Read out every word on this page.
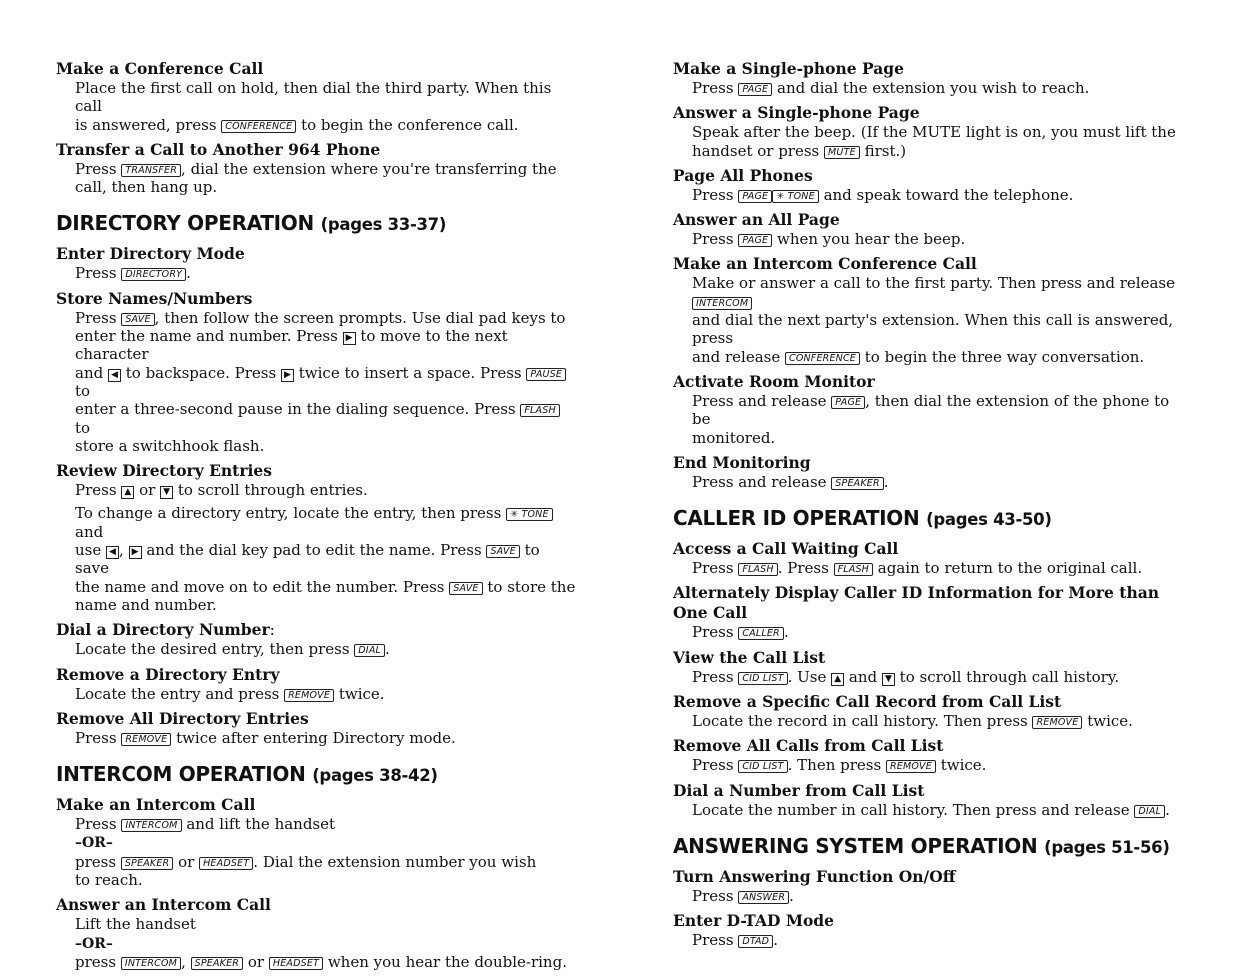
Make a Conference Call
Place the first call on hold, then dial the third party. When this call
is answered, press CONFERENCE to begin the conference call.
Transfer a Call to Another 964 Phone
Press TRANSFER , dial the extension where you're transferring the
call, then hang up.
DIRECTORY OPERATION (pages 33-37)
Enter Directory Mode
Press DIRECTORY .
Store Names/Numbers
Press SAVE , then follow the screen prompts. Use dial pad keys to
enter the name and number. Press ▶ to move to the next character
and ◀ to backspace. Press ▶ twice to insert a space. Press PAUSE to
enter a three-second pause in the dialing sequence. Press FLASH to
store a switchhook flash.
Review Directory Entries
Press ▲ or ▼ to scroll through entries.
To change a directory entry, locate the entry, then press ✳ TONE and
use ◀ , ▶ and the dial key pad to edit the name. Press SAVE to save
the name and move on to edit the number. Press SAVE to store the
name and number.
Dial a Directory Number:
Locate the desired entry, then press DIAL .
Remove a Directory Entry
Locate the entry and press REMOVE twice.
Remove All Directory Entries
Press REMOVE twice after entering Directory mode.
INTERCOM OPERATION (pages 38-42)
Make an Intercom Call
Press INTERCOM and lift the handset
–OR–
press SPEAKER or HEADSET . Dial the extension number you wish
to reach.
Answer an Intercom Call
Lift the handset
–OR–
press INTERCOM , SPEAKER or HEADSET when you hear the double-ring.
Make a Single-phone Page
Press PAGE and dial the extension you wish to reach.
Answer a Single-phone Page
Speak after the beep. (If the MUTE light is on, you must lift the
handset or press MUTE first.)
Page All Phones
Press PAGE ✳ TONE and speak toward the telephone.
Answer an All Page
Press PAGE when you hear the beep.
Make an Intercom Conference Call
Make or answer a call to the first party. Then press and release INTERCOM
and dial the next party's extension. When this call is answered, press
and release CONFERENCE to begin the three way conversation.
Activate Room Monitor
Press and release PAGE , then dial the extension of the phone to be
monitored.
End Monitoring
Press and release SPEAKER .
CALLER ID OPERATION (pages 43-50)
Access a Call Waiting Call
Press FLASH . Press FLASH again to return to the original call.
Alternately Display Caller ID Information for More than One Call
Press CALLER .
View the Call List
Press CID LIST . Use ▲ and ▼ to scroll through call history.
Remove a Specific Call Record from Call List
Locate the record in call history. Then press REMOVE twice.
Remove All Calls from Call List
Press CID LIST . Then press REMOVE twice.
Dial a Number from Call List
Locate the number in call history. Then press and release DIAL .
ANSWERING SYSTEM OPERATION (pages 51-56)
Turn Answering Function On/Off
Press ANSWER .
Enter D-TAD Mode
Press DTAD .
